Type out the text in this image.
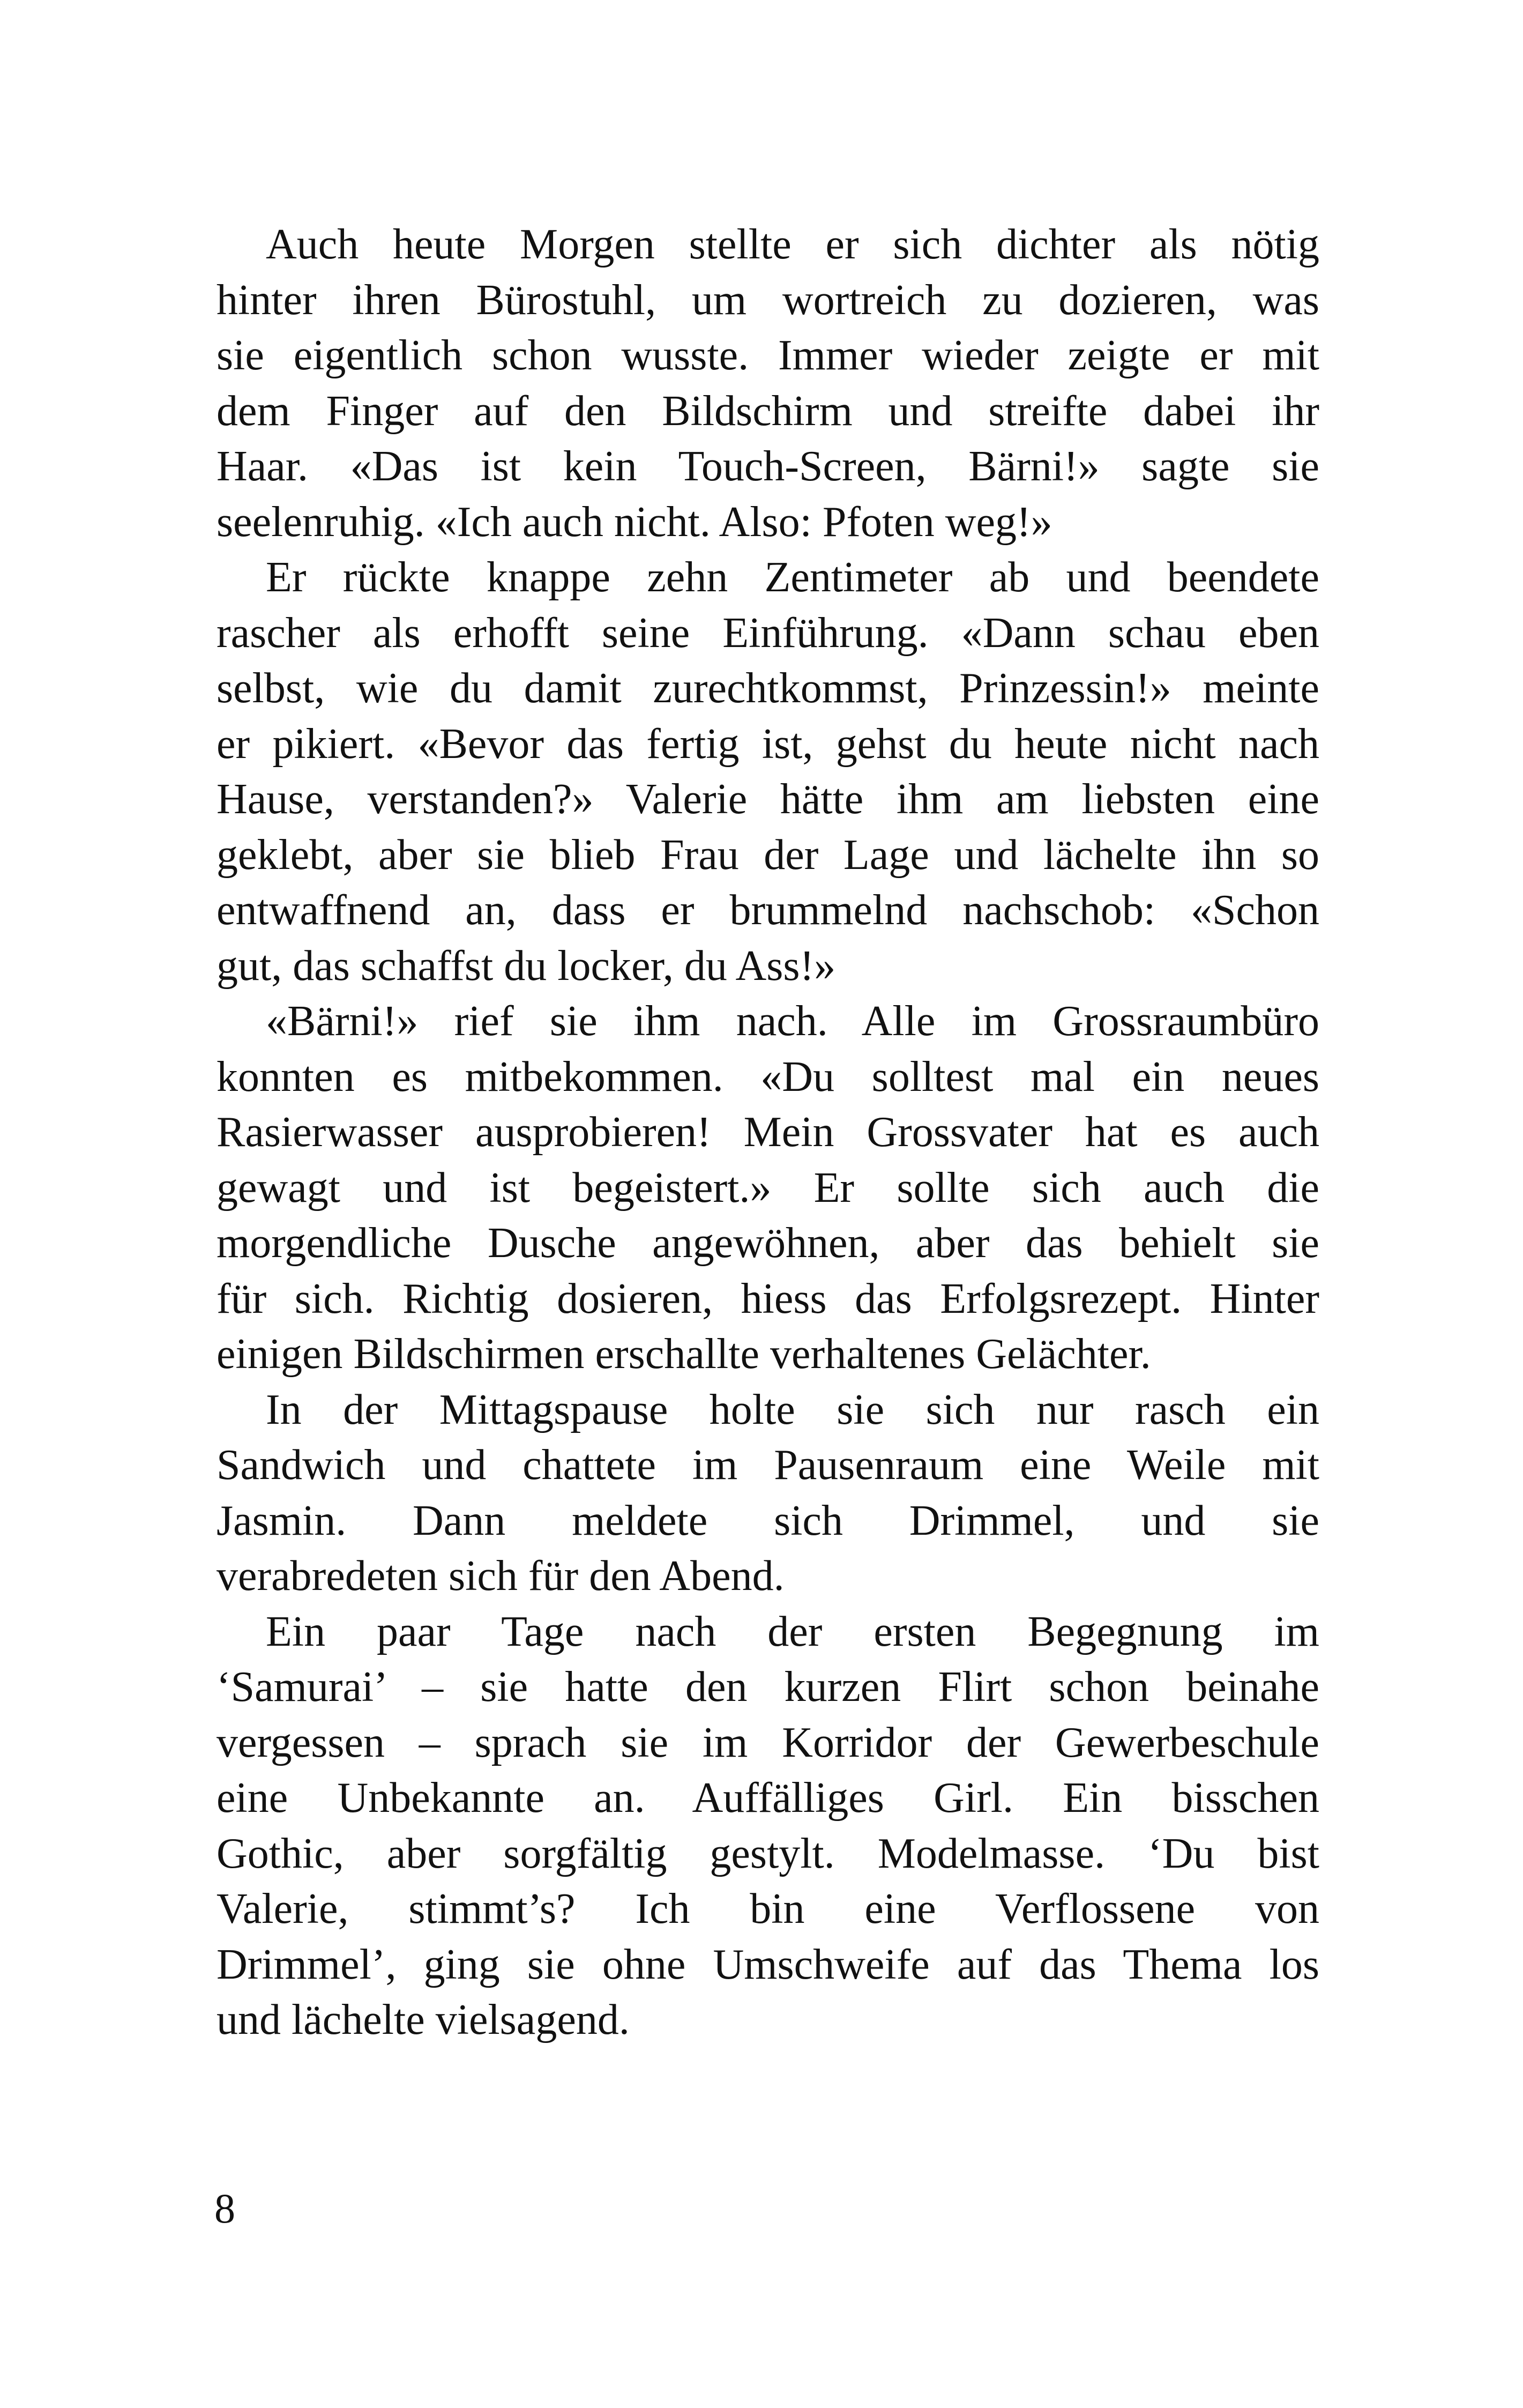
Auch heute Morgen stellte er sich dichter als nötig
hinter ihren Bürostuhl, um wortreich zu dozieren, was
sie eigentlich schon wusste. Immer wieder zeigte er mit
dem Finger auf den Bildschirm und streifte dabei ihr
Haar. «Das ist kein Touch-Screen, Bärni!» sagte sie
seelenruhig. «Ich auch nicht. Also: Pfoten weg!»
Er rückte knappe zehn Zentimeter ab und beendete
rascher als erhofft seine Einführung. «Dann schau eben
selbst, wie du damit zurechtkommst, Prinzessin!» meinte
er pikiert. «Bevor das fertig ist, gehst du heute nicht nach
Hause, verstanden?» Valerie hätte ihm am liebsten eine
geklebt, aber sie blieb Frau der Lage und lächelte ihn so
entwaffnend an, dass er brummelnd nachschob: «Schon
gut, das schaffst du locker, du Ass!»
«Bärni!» rief sie ihm nach. Alle im Grossraumbüro
konnten es mitbekommen. «Du solltest mal ein neues
Rasierwasser ausprobieren! Mein Grossvater hat es auch
gewagt und ist begeistert.» Er sollte sich auch die
morgendliche Dusche angewöhnen, aber das behielt sie
für sich. Richtig dosieren, hiess das Erfolgsrezept. Hinter
einigen Bildschirmen erschallte verhaltenes Gelächter.
In der Mittagspause holte sie sich nur rasch ein
Sandwich und chattete im Pausenraum eine Weile mit
Jasmin. Dann meldete sich Drimmel, und sie
verabredeten sich für den Abend.
Ein paar Tage nach der ersten Begegnung im
‘Samurai’ – sie hatte den kurzen Flirt schon beinahe
vergessen – sprach sie im Korridor der Gewerbeschule
eine Unbekannte an. Auffälliges Girl. Ein bisschen
Gothic, aber sorgfältig gestylt. Modelmasse. ‘Du bist
Valerie, stimmt’s? Ich bin eine Verflossene von
Drimmel’, ging sie ohne Umschweife auf das Thema los
und lächelte vielsagend.
8
